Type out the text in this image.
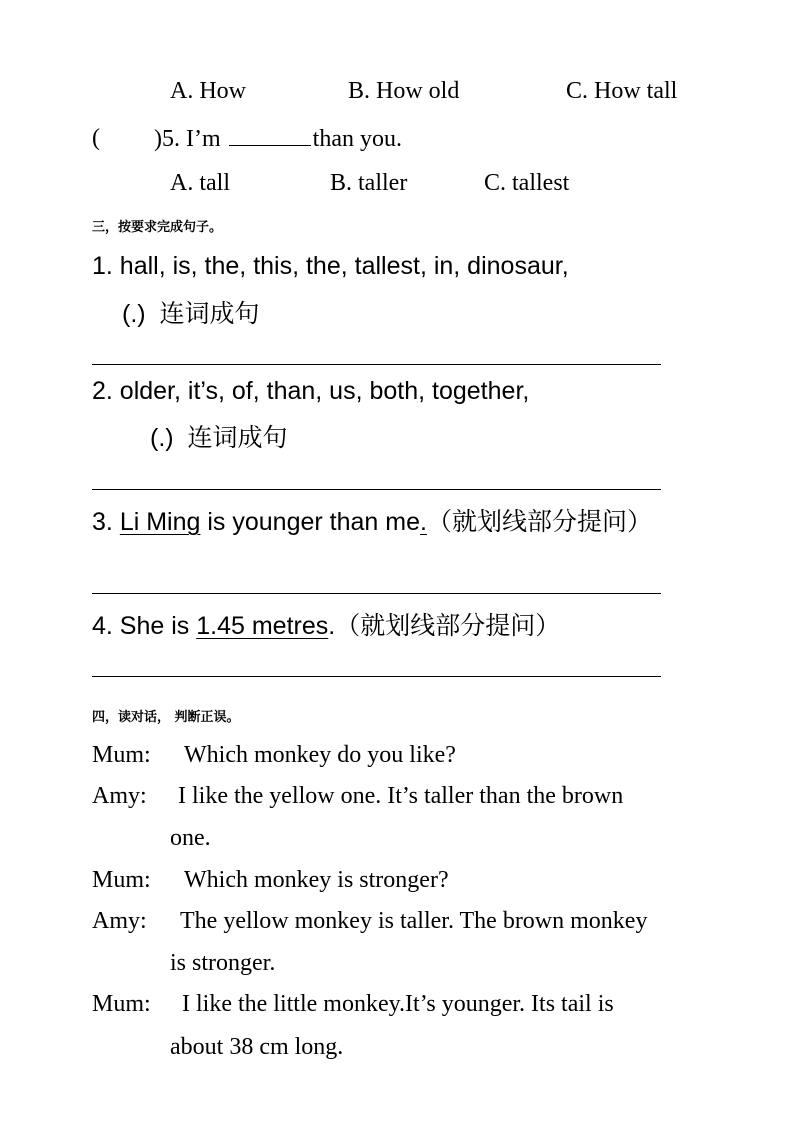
A. How	B. How old	C. How tall
( )5. I’m	than you.
A. tall	B. taller	C. tallest
三，按要求完成句子。
1. hall, is, the, this, the, tallest, in, dinosaur,
(.) 连词成句
2. older, it’s, of, than, us, both, together,
(.) 连词成句
3. Li Ming is younger than me.（就划线部分提问）
4. She is 1.45 metres.（就划线部分提问）
四，读对话， 判断正误。
Mum: Which monkey do you like?
Amy: I like the yellow one. It’s taller than the brown
one.
Mum: Which monkey is stronger?
Amy: The yellow monkey is taller. The brown monkey
is stronger.
Mum: I like the little monkey.It’s younger. Its tail is
about 38 cm long.
